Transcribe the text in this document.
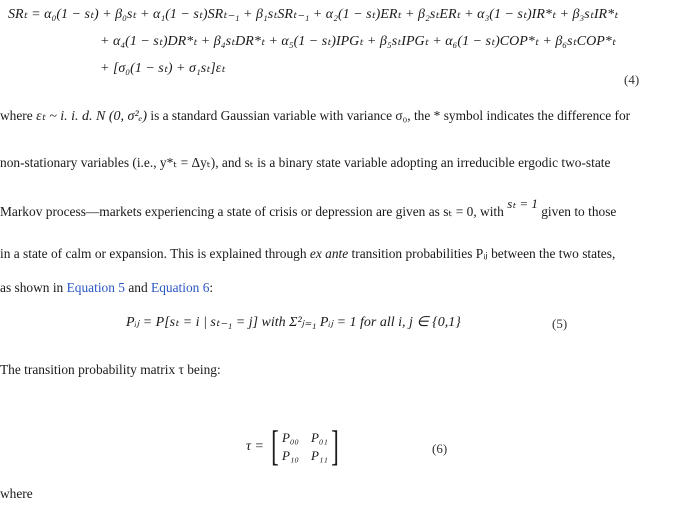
SRₜ = α₀(1 − sₜ) + β₀sₜ + α₁(1 − sₜ)SRₜ₋₁ + β₁sₜSRₜ₋₁ + α₂(1 − sₜ)ERₜ + β₂sₜERₜ + α₃(1 − sₜ)IR*ₜ + β₃sₜIR*ₜ
+ α₄(1 − sₜ)DR*ₜ + β₄sₜDR*ₜ + α₅(1 − sₜ)IPGₜ + β₅sₜIPGₜ + α₆(1 − sₜ)COP*ₜ + β₆sₜCOP*ₜ
+ [σ₀(1 − sₜ) + σ₁sₜ]εₜ
(4)
where εₜ ~ i. i. d. N (0, σ²ₑ) is a standard Gaussian variable with variance σ₀, the * symbol indicates the difference for
non-stationary variables (i.e., y*ₜ = Δyₜ), and sₜ is a binary state variable adopting an irreducible ergodic two-state
Markov process—markets experiencing a state of crisis or depression are given as sₜ = 0, with sₜ = 1 given to those
in a state of calm or expansion. This is explained through ex ante transition probabilities Pᵢⱼ between the two states,
as shown in Equation 5 and Equation 6:
Pᵢⱼ = P[sₜ = i | sₜ₋₁ = j] with Σ²ⱼ₌₁ Pᵢⱼ = 1 for all i, j ∈ {0,1}	(5)
The transition probability matrix τ being:
τ = [ P₀₀ P₀₁
P₁₀ P₁₁ ]	(6)
where
